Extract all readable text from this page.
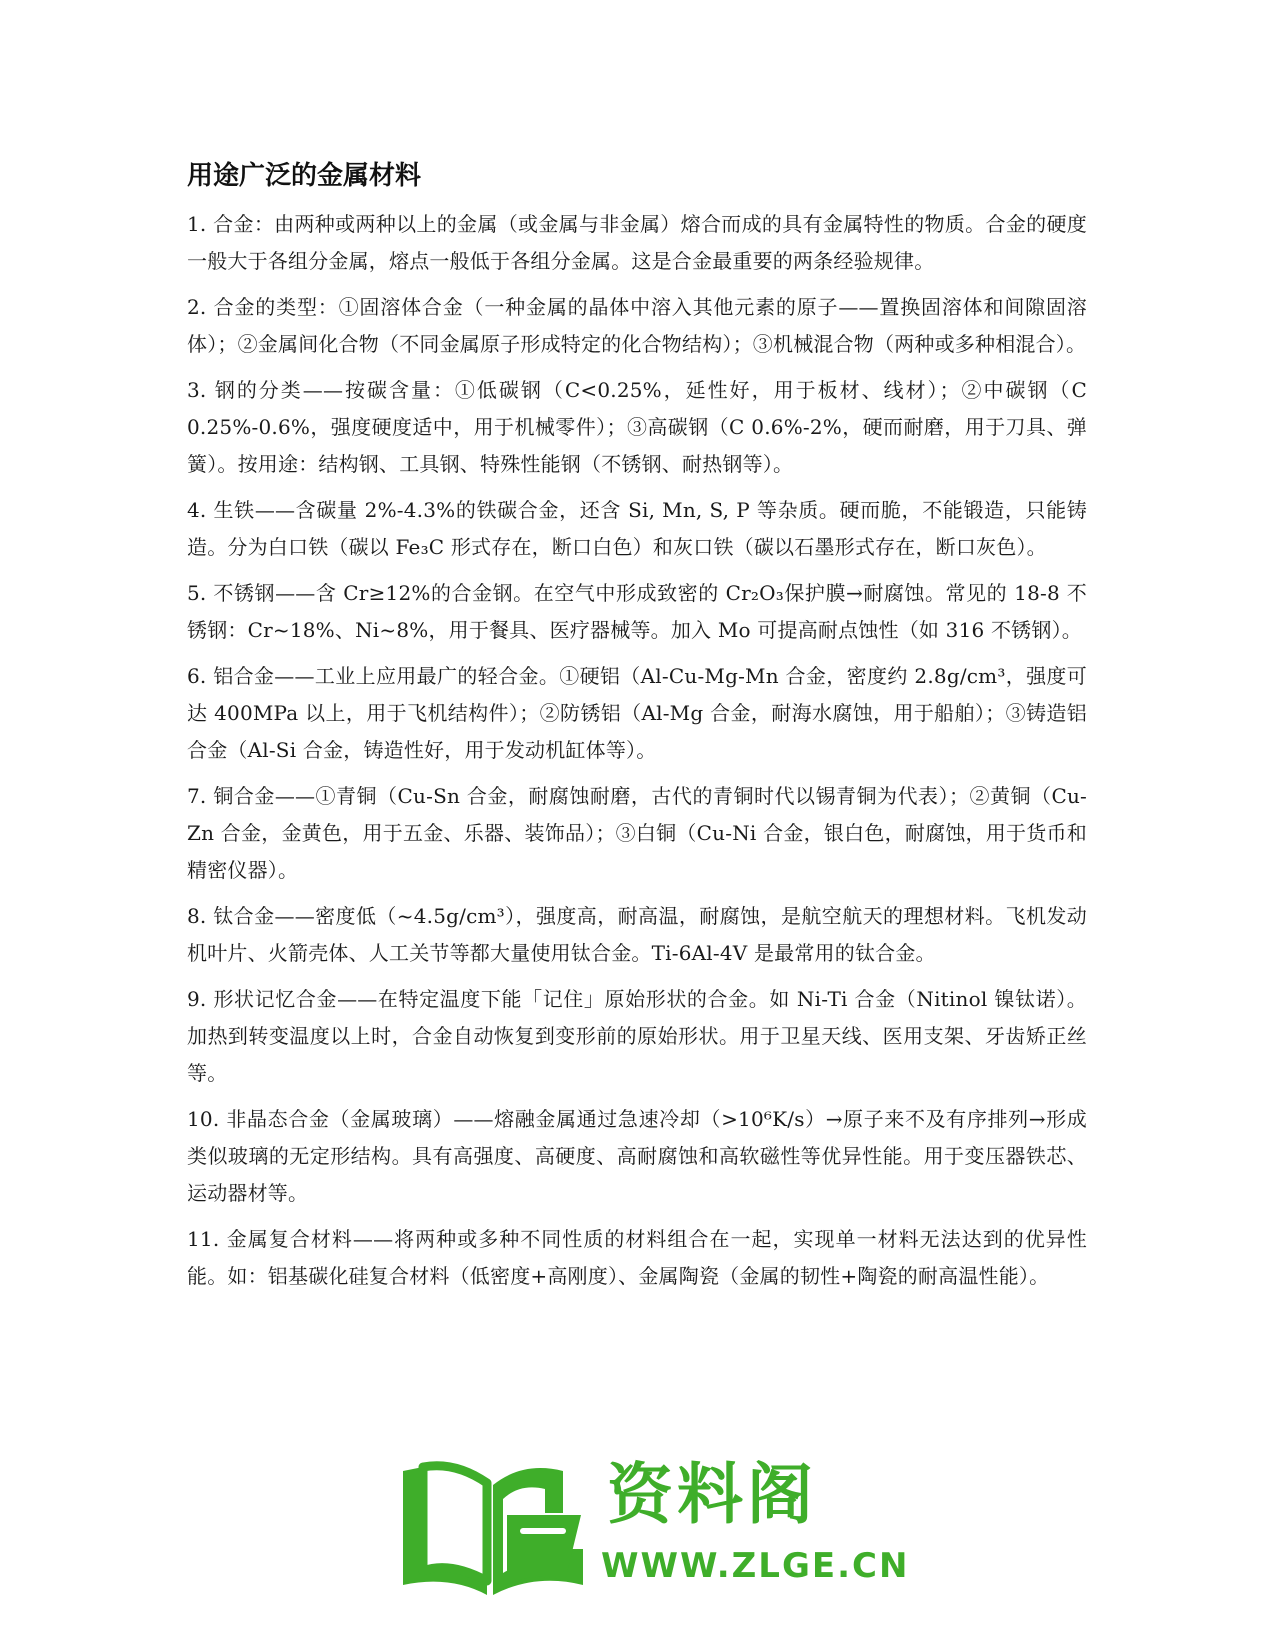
用途广泛的金属材料

1. 合金：由两种或两种以上的金属（或金属与非金属）熔合而成的具有金属特性的物质。合金的硬度一般大于各组分金属，熔点一般低于各组分金属。这是合金最重要的两条经验规律。

2. 合金的类型：①固溶体合金（一种金属的晶体中溶入其他元素的原子——置换固溶体和间隙固溶体）；②金属间化合物（不同金属原子形成特定的化合物结构）；③机械混合物（两种或多种相混合）。

3. 钢的分类——按碳含量：①低碳钢（C<0.25%，延性好，用于板材、线材）；②中碳钢（C 0.25%-0.6%，强度硬度适中，用于机械零件）；③高碳钢（C 0.6%-2%，硬而耐磨，用于刀具、弹簧）。按用途：结构钢、工具钢、特殊性能钢（不锈钢、耐热钢等）。

4. 生铁——含碳量 2%-4.3%的铁碳合金，还含 Si, Mn, S, P 等杂质。硬而脆，不能锻造，只能铸造。分为白口铁（碳以 Fe₃C 形式存在，断口白色）和灰口铁（碳以石墨形式存在，断口灰色）。

5. 不锈钢——含 Cr≥12%的合金钢。在空气中形成致密的 Cr₂O₃保护膜→耐腐蚀。常见的 18-8 不锈钢：Cr~18%、Ni~8%，用于餐具、医疗器械等。加入 Mo 可提高耐点蚀性（如 316 不锈钢）。

6. 铝合金——工业上应用最广的轻合金。①硬铝（Al-Cu-Mg-Mn 合金，密度约 2.8g/cm³，强度可达 400MPa 以上，用于飞机结构件）；②防锈铝（Al-Mg 合金，耐海水腐蚀，用于船舶）；③铸造铝合金（Al-Si 合金，铸造性好，用于发动机缸体等）。

7. 铜合金——①青铜（Cu-Sn 合金，耐腐蚀耐磨，古代的青铜时代以锡青铜为代表）；②黄铜（Cu-Zn 合金，金黄色，用于五金、乐器、装饰品）；③白铜（Cu-Ni 合金，银白色，耐腐蚀，用于货币和精密仪器）。

8. 钛合金——密度低（~4.5g/cm³），强度高，耐高温，耐腐蚀，是航空航天的理想材料。飞机发动机叶片、火箭壳体、人工关节等都大量使用钛合金。Ti-6Al-4V 是最常用的钛合金。

9. 形状记忆合金——在特定温度下能「记住」原始形状的合金。如 Ni-Ti 合金（Nitinol 镍钛诺）。加热到转变温度以上时，合金自动恢复到变形前的原始形状。用于卫星天线、医用支架、牙齿矫正丝等。

10. 非晶态合金（金属玻璃）——熔融金属通过急速冷却（>10⁶K/s）→原子来不及有序排列→形成类似玻璃的无定形结构。具有高强度、高硬度、高耐腐蚀和高软磁性等优异性能。用于变压器铁芯、运动器材等。

11. 金属复合材料——将两种或多种不同性质的材料组合在一起，实现单一材料无法达到的优异性能。如：铝基碳化硅复合材料（低密度+高刚度）、金属陶瓷（金属的韧性+陶瓷的耐高温性能）。

资料阁
WWW.ZLGE.CN
